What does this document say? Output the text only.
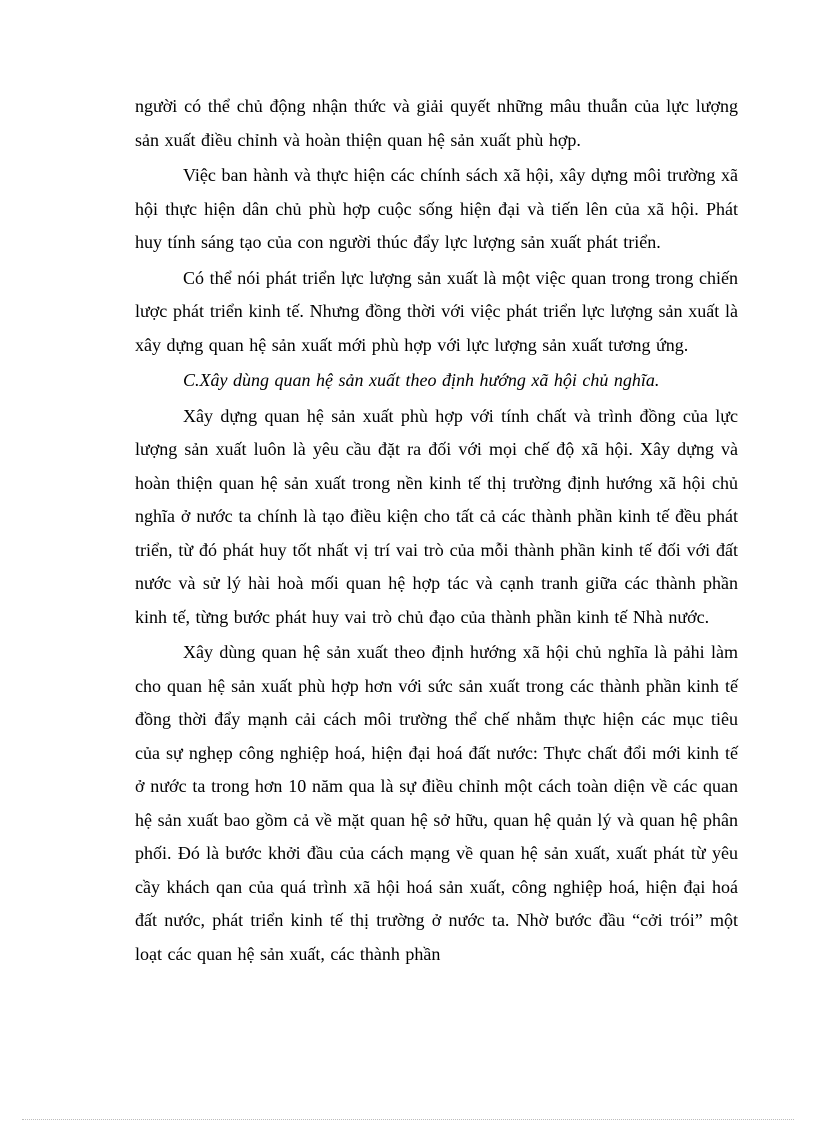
người có thể chủ động nhận thức và giải quyết những mâu thuẫn của lực lượng sản xuất điều chỉnh và hoàn thiện quan hệ sản xuất phù hợp.

Việc ban hành và thực hiện các chính sách xã hội, xây dựng môi trường xã hội thực hiện dân chủ phù hợp cuộc sống hiện đại và tiến lên của xã hội. Phát huy tính sáng tạo của con người thúc đẩy lực lượng sản xuất phát triển.

Có thể nói phát triển lực lượng sản xuất là một việc quan trong trong chiến lược phát triển kinh tế. Nhưng đồng thời với việc phát triển lực lượng sản xuất là xây dựng quan hệ sản xuất mới phù hợp với lực lượng sản xuất tương ứng.

C.Xây dùng quan hệ sản xuất theo định hướng xã hội chủ nghĩa.

Xây dựng quan hệ sản xuất phù hợp với tính chất và trình đồng của lực lượng sản xuất luôn là yêu cầu đặt ra đối với mọi chế độ xã hội. Xây dựng và hoàn thiện quan hệ sản xuất trong nền kinh tế thị trường định hướng xã hội chủ nghĩa ở nước ta chính là tạo điều kiện cho tất cả các thành phần kinh tế đều phát triển, từ đó phát huy tốt nhất vị trí vai trò của mỗi thành phần kinh tế đối với đất nước và sử lý hài hoà mối quan hệ hợp tác và cạnh tranh giữa các thành phần kinh tế, từng bước phát huy vai trò chủ đạo của thành phần kinh tế Nhà nước.

Xây dùng quan hệ sản xuất theo định hướng xã hội chủ nghĩa là pảhi làm cho quan hệ sản xuất phù hợp hơn với sức sản xuất trong các thành phần kinh tế đồng thời đẩy mạnh cải cách môi trường thể chế nhằm thực hiện các mục tiêu của sự nghẹp công nghiệp hoá, hiện đại hoá đất nước: Thực chất đổi mới kinh tế ở nước ta trong hơn 10 năm qua là sự điều chỉnh một cách toàn diện về các quan hệ sản xuất bao gồm cả về mặt quan hệ sở hữu, quan hệ quản lý và quan hệ phân phối. Đó là bước khởi đầu của cách mạng về quan hệ sản xuất, xuất phát từ yêu cầy khách qan của quá trình xã hội hoá sản xuất, công nghiệp hoá, hiện đại hoá đất nước, phát triển kinh tế thị trường ở nước ta. Nhờ bước đầu “cởi trói” một loạt các quan hệ sản xuất, các thành phần
